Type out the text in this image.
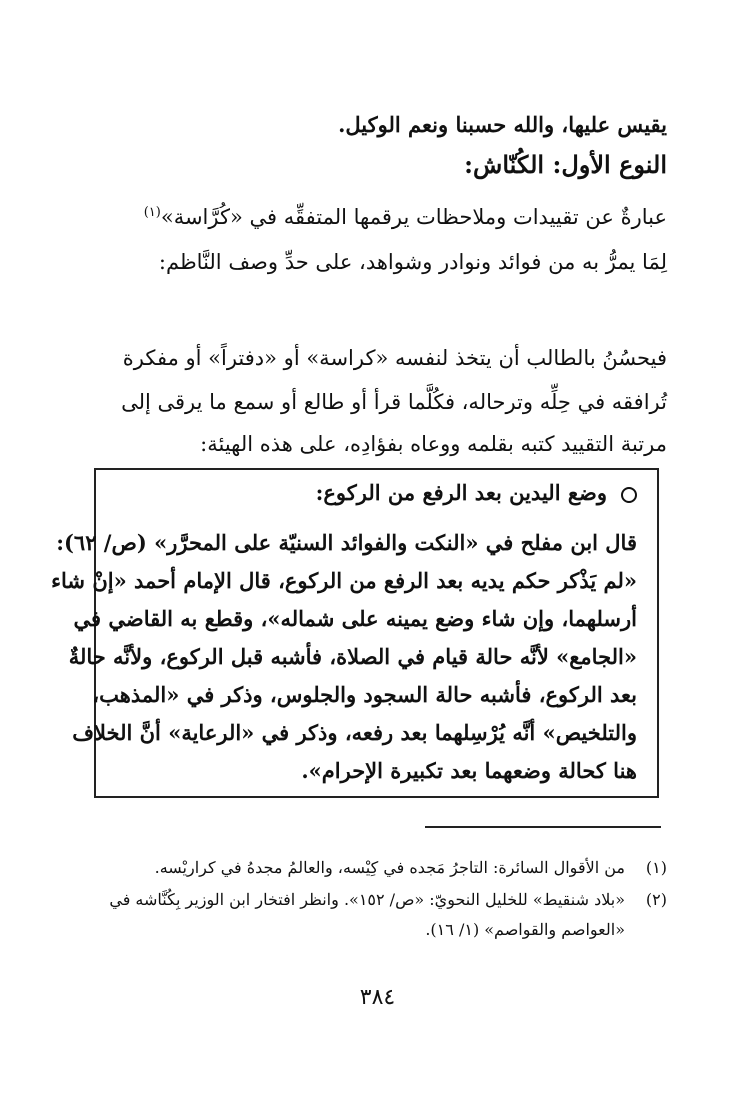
يقيس عليها، والله حسبنا ونعم الوكيل.
النوع الأول: الكُنّاش:
عبارةٌ عن تقييدات وملاحظات يرقمها المتفقِّه في «كُرَّاسة»$^{(١)}$
لِمَا يمرُّ به من فوائد ونوادر وشواهد، على حدِّ وصف النَّاظم:
فيحسُنُ بالطالب أن يتخذ لنفسه «كراسة» أو «دفتراً» أو مفكرة
تُرافقه في حِلِّه وترحاله، فكُلَّما قرأ أو طالع أو سمع ما يرقى إلى
مرتبة التقييد كتبه بقلمه ووعاه بفؤادِه، على هذه الهيئة:
وضع اليدين بعد الرفع من الركوع:
قال ابن مفلح في «النكت والفوائد السنيّة على المحرَّر» (ص/ ٦٢):
«لم يَذْكر حكم يديه بعد الرفع من الركوع، قال الإمام أحمد «إنْ شاء
أرسلهما، وإن شاء وضع يمينه على شماله»، وقطع به القاضي في
«الجامع» لأنَّه حالة قيام في الصلاة، فأشبه قبل الركوع، ولأنَّه حالةٌ
بعد الركوع، فأشبه حالة السجود والجلوس، وذكر في «المذهب،
والتلخيص» أنَّه يُرْسِلهما بعد رفعه، وذكر في «الرعاية» أنَّ الخلاف
هنا كحالة وضعهما بعد تكبيرة الإحرام».
(١)
من الأقوال السائرة: التاجرُ مَجده في كِيْسه، والعالمُ مجدهُ في كراريْسه.
(٢)
«بلاد شنقيط» للخليل النحويّ: «ص/ ١٥٢». وانظر افتخار ابن الوزير بِكُنَّاشه في
«العواصم والقواصم» (١/ ١٦).
٣٨٤
